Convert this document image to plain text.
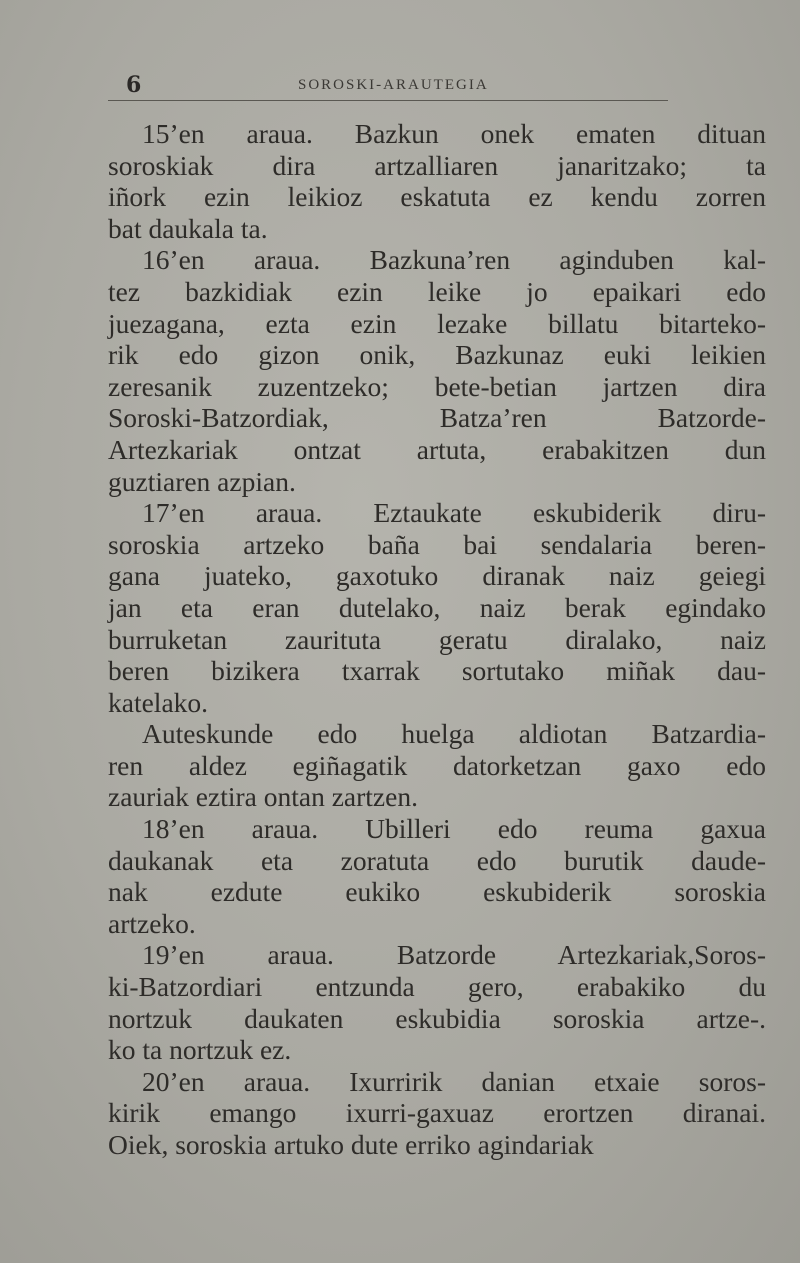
6	SOROSKI-ARAUTEGIA
15’en araua. Bazkun onek ematen dituan
soroskiak dira artzalliaren janaritzako; ta
iñork ezin leikioz eskatuta ez kendu zorren
bat daukala ta.
16’en araua. Bazkuna’ren aginduben kal-
tez bazkidiak ezin leike jo epaikari edo
juezagana, ezta ezin lezake billatu bitarteko-
rik edo gizon onik, Bazkunaz euki leikien
zeresanik zuzentzeko; bete-betian jartzen dira
Soroski-Batzordiak, Batza’ren Batzorde-
Artezkariak ontzat artuta, erabakitzen dun
guztiaren azpian.
17’en araua. Eztaukate eskubiderik diru-
soroskia artzeko baña bai sendalaria beren-
gana juateko, gaxotuko diranak naiz geiegi
jan eta eran dutelako, naiz berak egindako
burruketan zaurituta geratu diralako, naiz
beren bizikera txarrak sortutako miñak dau-
katelako.
Auteskunde edo huelga aldiotan Batzardia-
ren aldez egiñagatik datorketzan gaxo edo
zauriak eztira ontan zartzen.
18’en araua. Ubilleri edo reuma gaxua
daukanak eta zoratuta edo burutik daude-
nak ezdute eukiko eskubiderik soroskia
artzeko.
19’en araua. Batzorde Artezkariak,Soros-
ki-Batzordiari entzunda gero, erabakiko du
nortzuk daukaten eskubidia soroskia artze-.
ko ta nortzuk ez.
20’en araua. Ixurririk danian etxaie soros-
kirik emango ixurri-gaxuaz erortzen diranai.
Oiek, soroskia artuko dute erriko agindariak
